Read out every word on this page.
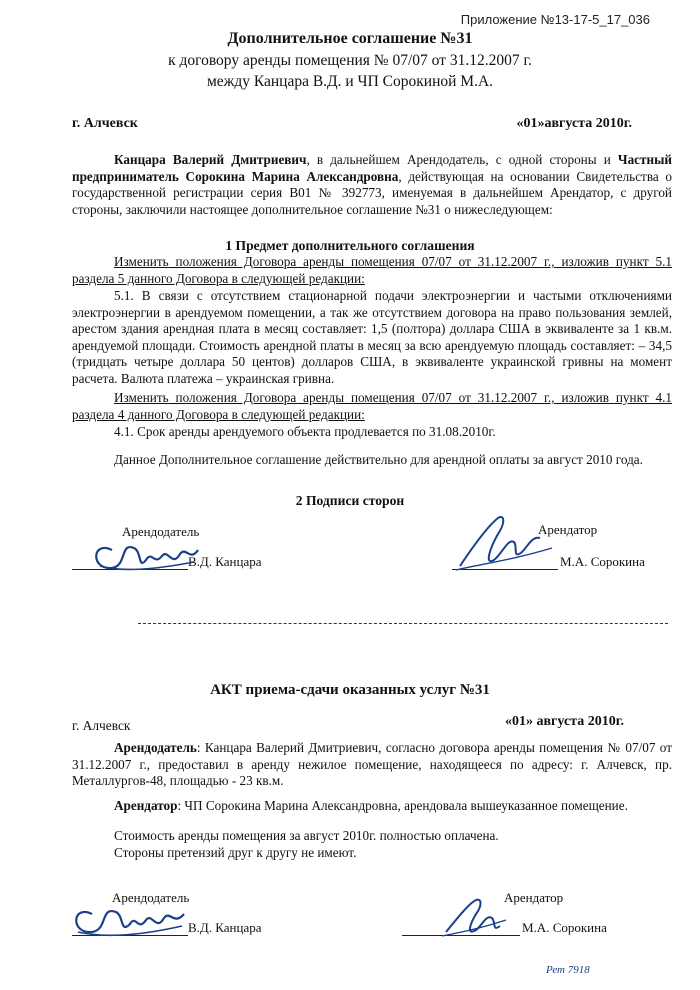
Приложение №13-17-5_17_036
Дополнительное соглашение №31
к договору аренды помещения № 07/07 от 31.12.2007 г.
между Канцара В.Д. и ЧП Сорокиной М.А.
г. Алчевск	«01»августа 2010г.
Канцара Валерий Дмитриевич, в дальнейшем Арендодатель, с одной стороны и Частный предприниматель Сорокина Марина Александровна, действующая на основании Свидетельства о государственной регистрации серия В01 № 392773, именуемая в дальнейшем Арендатор, с другой стороны, заключили настоящее дополнительное соглашение №31 о нижеследующем:
1 Предмет дополнительного соглашения
Изменить положения Договора аренды помещения 07/07 от 31.12.2007 г., изложив пункт 5.1 раздела 5 данного Договора в следующей редакции:
5.1. В связи с отсутствием стационарной подачи электроэнергии и частыми отключениями электроэнергии в арендуемом помещении, а так же отсутствием договора на право пользования землей, арестом здания арендная плата в месяц составляет: 1,5 (полтора) доллара США в эквиваленте за 1 кв.м. арендуемой площади. Стоимость арендной платы в месяц за всю арендуемую площадь составляет: – 34,5 (тридцать четыре доллара 50 центов) долларов США, в эквиваленте украинской гривны на момент расчета. Валюта платежа – украинская гривна.
Изменить положения Договора аренды помещения 07/07 от 31.12.2007 г., изложив пункт 4.1 раздела 4 данного Договора в следующей редакции:
4.1. Срок аренды арендуемого объекта продлевается по 31.08.2010г.
Данное Дополнительное соглашение действительно для арендной оплаты за август 2010 года.
2 Подписи сторон
Арендодатель
В.Д. Канцара
Арендатор
М.А. Сорокина
АКТ приема-сдачи оказанных услуг №31
г. Алчевск	«01» августа 2010г.
Арендодатель: Канцара Валерий Дмитриевич, согласно договора аренды помещения № 07/07 от 31.12.2007 г., предоставил в аренду нежилое помещение, находящееся по адресу: г. Алчевск, пр. Металлургов-48, площадью - 23 кв.м.
Арендатор: ЧП Сорокина Марина Александровна, арендовала вышеуказанное помещение.
Стоимость аренды помещения за август 2010г. полностью оплачена.
Стороны претензий друг к другу не имеют.
Арендодатель
В.Д. Канцара
Арендатор
М.А. Сорокина
Рет 7918
